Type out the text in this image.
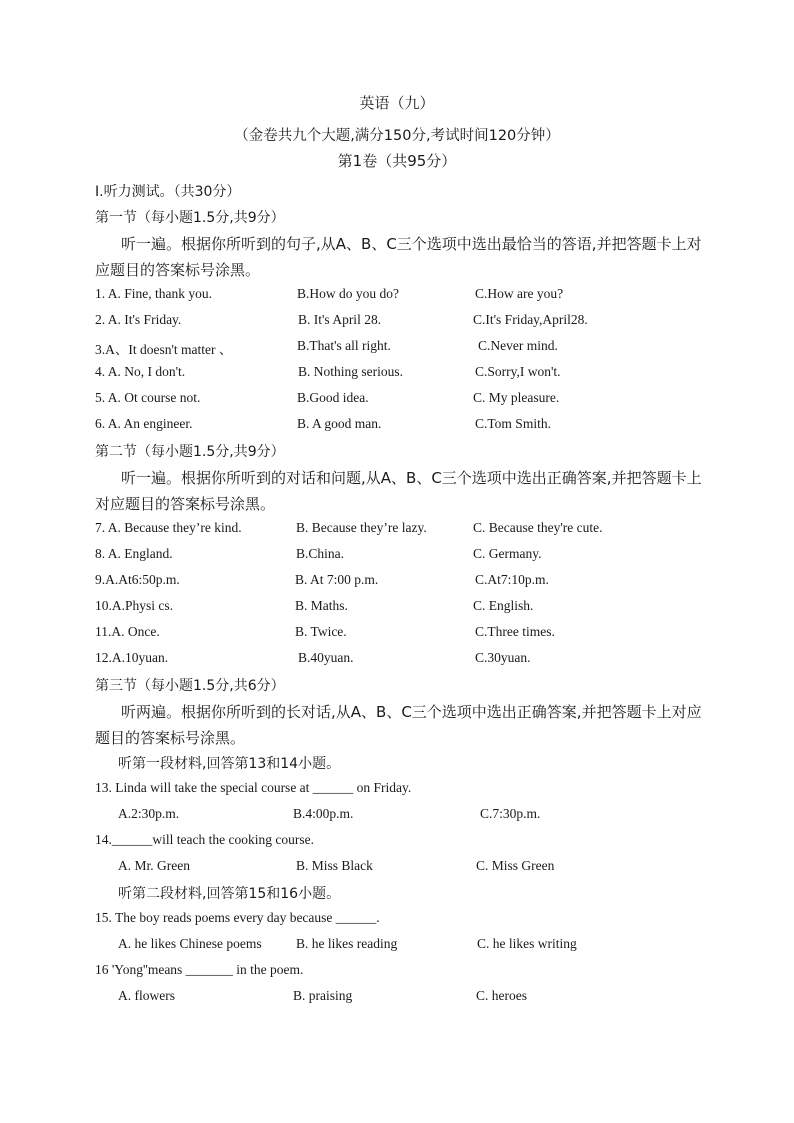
英语（九）
（金卷共九个大题,满分150分,考试时间120分钟）
第1卷（共95分）
I.听力测试。（共30分）
第一节（每小题1.5分,共9分）
听一遍。根据你所听到的句子,从A、B、C三个选项中选出最恰当的答语,并把答题卡上对应题目的答案标号涂黑。
1. A. Fine, thank you.	B.How do you do?	C.How are you?
2. A. It's Friday.	B. It's April 28.	C.It's Friday,April28.
3.A、It doesn't matter 、	B.That's all right.	C.Never mind.
4. A. No, I don't.	B. Nothing serious.	C.Sorry,I won't.
5. A. Ot course not.	B.Good idea.	C. My pleasure.
6. A. An engineer.	B. A good man.	C.Tom Smith.
第二节（每小题1.5分,共9分）
听一遍。根据你所听到的对话和问题,从A、B、C三个选项中选出正确答案,并把答题卡上对应题目的答案标号涂黑。
7. A. Because they’re kind.	B. Because they’re lazy.	C. Because they're cute.
8. A. England.	B.China.	C. Germany.
9.A.At6:50p.m.	B. At 7:00 p.m.	C.At7:10p.m.
10.A.Physi cs.	B. Maths.	C. English.
11.A. Once.	B. Twice.	C.Three times.
12.A.10yuan.	B.40yuan.	C.30yuan.
第三节（每小题1.5分,共6分）
听两遍。根据你所听到的长对话,从A、B、C三个选项中选出正确答案,并把答题卡上对应题目的答案标号涂黑。
听第一段材料,回答第13和14小题。
13. Linda will take the special course at ______ on Friday.
A.2:30p.m.	B.4:00p.m.	C.7:30p.m.
14.______will teach the cooking course.
A. Mr. Green	B. Miss Black	C. Miss Green
听第二段材料,回答第15和16小题。
15. The boy reads poems every day because ______.
A. he likes Chinese poems	B. he likes reading	C. he likes writing
16 'Yong''means _______ in the poem.
A. flowers	B. praising	C. heroes
